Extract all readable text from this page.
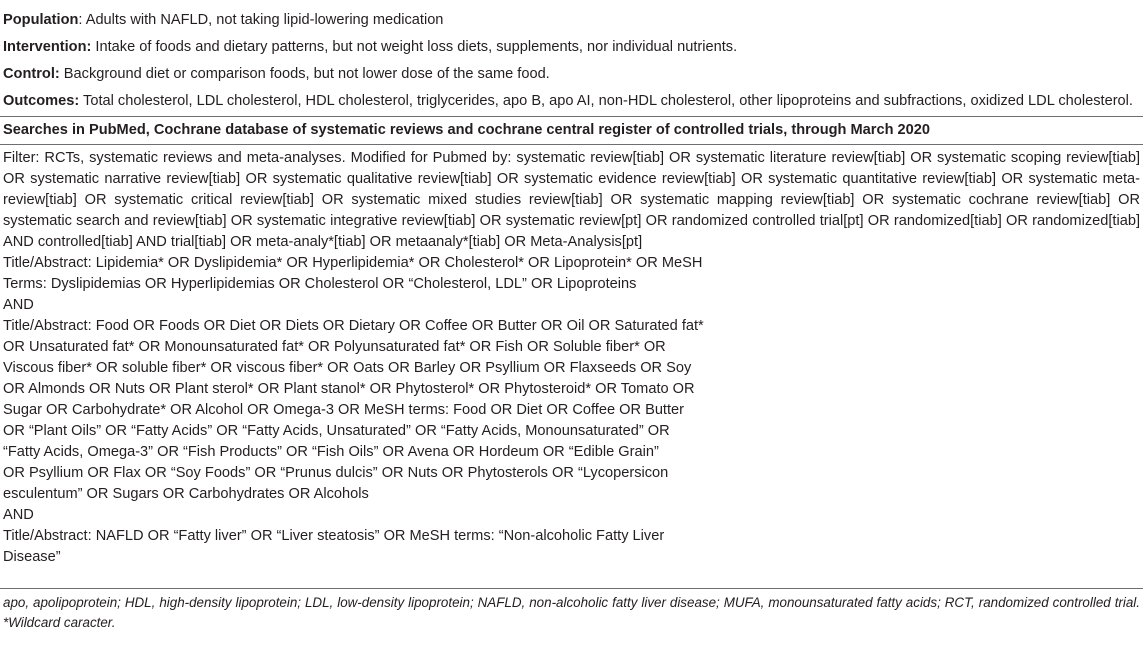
Population: Adults with NAFLD, not taking lipid-lowering medication

Intervention: Intake of foods and dietary patterns, but not weight loss diets, supplements, nor individual nutrients.

Control: Background diet or comparison foods, but not lower dose of the same food.

Outcomes: Total cholesterol, LDL cholesterol, HDL cholesterol, triglycerides, apo B, apo AI, non-HDL cholesterol, other lipoproteins and subfractions, oxidized LDL cholesterol.

Searches in PubMed, Cochrane database of systematic reviews and cochrane central register of controlled trials, through March 2020
Filter: RCTs, systematic reviews and meta-analyses. Modified for Pubmed by: systematic review[tiab] OR systematic literature review[tiab] OR systematic scoping review[tiab] OR systematic narrative review[tiab] OR systematic qualitative review[tiab] OR systematic evidence review[tiab] OR systematic quantitative review[tiab] OR systematic meta-review[tiab] OR systematic critical review[tiab] OR systematic mixed studies review[tiab] OR systematic mapping review[tiab] OR systematic cochrane review[tiab] OR systematic search and review[tiab] OR systematic integrative review[tiab] OR systematic review[pt] OR randomized controlled trial[pt] OR randomized[tiab] OR randomized[tiab] AND controlled[tiab] AND trial[tiab] OR meta-analy*[tiab] OR metaanaly*[tiab] OR Meta-Analysis[pt]
Title/Abstract: Lipidemia* OR Dyslipidemia* OR Hyperlipidemia* OR Cholesterol* OR Lipoprotein* OR MeSH
Terms: Dyslipidemias OR Hyperlipidemias OR Cholesterol OR “Cholesterol, LDL” OR Lipoproteins
AND
Title/Abstract: Food OR Foods OR Diet OR Diets OR Dietary OR Coffee OR Butter OR Oil OR Saturated fat*
OR Unsaturated fat* OR Monounsaturated fat* OR Polyunsaturated fat* OR Fish OR Soluble fiber* OR
Viscous fiber* OR soluble fiber* OR viscous fiber* OR Oats OR Barley OR Psyllium OR Flaxseeds OR Soy
OR Almonds OR Nuts OR Plant sterol* OR Plant stanol* OR Phytosterol* OR Phytosteroid* OR Tomato OR
Sugar OR Carbohydrate* OR Alcohol OR Omega-3 OR MeSH terms: Food OR Diet OR Coffee OR Butter
OR “Plant Oils” OR “Fatty Acids” OR “Fatty Acids, Unsaturated” OR “Fatty Acids, Monounsaturated” OR
“Fatty Acids, Omega-3” OR “Fish Products” OR “Fish Oils” OR Avena OR Hordeum OR “Edible Grain”
OR Psyllium OR Flax OR “Soy Foods” OR “Prunus dulcis” OR Nuts OR Phytosterols OR “Lycopersicon
esculentum” OR Sugars OR Carbohydrates OR Alcohols
AND
Title/Abstract: NAFLD OR “Fatty liver” OR “Liver steatosis” OR MeSH terms: “Non-alcoholic Fatty Liver
Disease”
apo, apolipoprotein; HDL, high-density lipoprotein; LDL, low-density lipoprotein; NAFLD, non-alcoholic fatty liver disease; MUFA, monounsaturated fatty acids; RCT, randomized controlled trial. *Wildcard caracter.
